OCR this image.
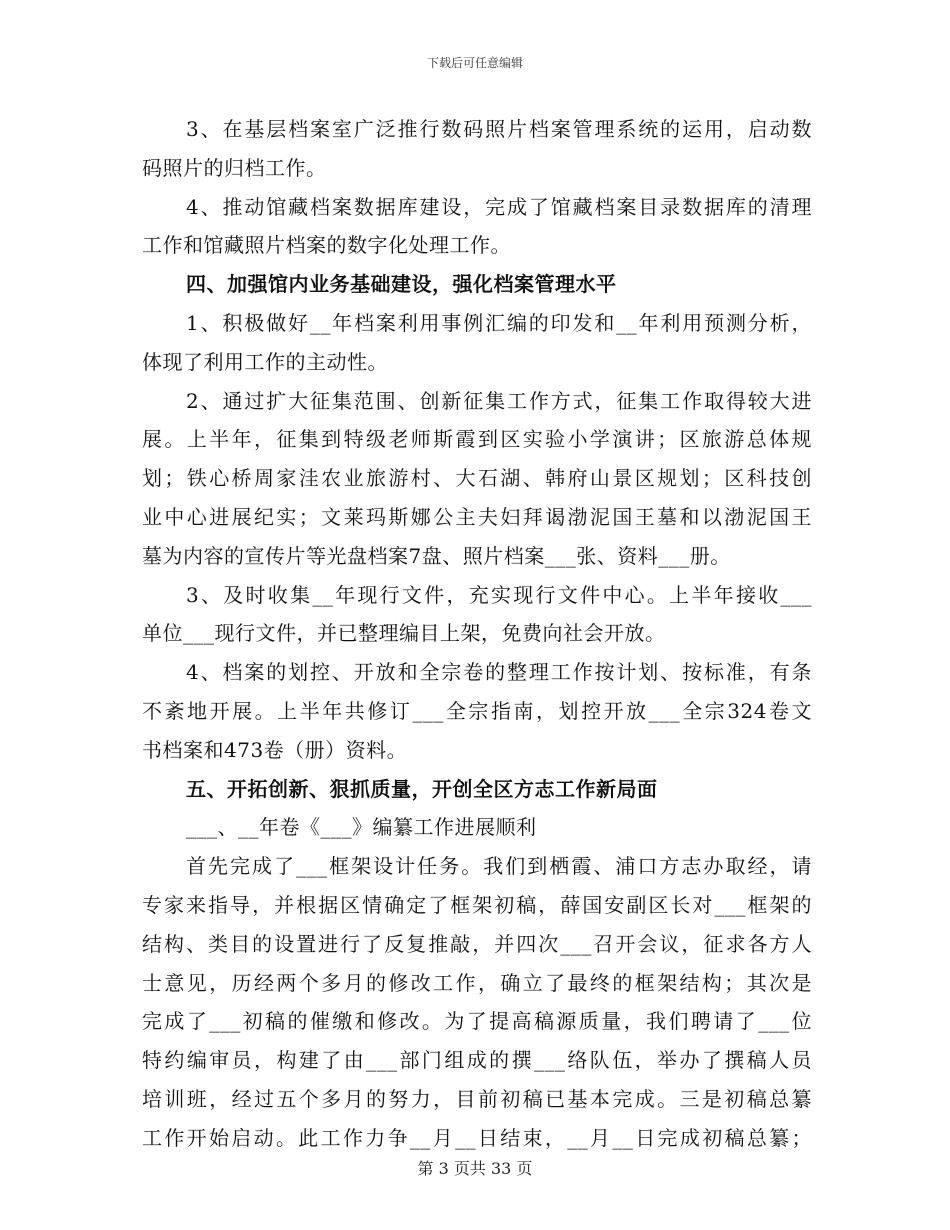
下载后可任意编辑
3、在基层档案室广泛推行数码照片档案管理系统的运用，启动数
码照片的归档工作。
4、推动馆藏档案数据库建设，完成了馆藏档案目录数据库的清理
工作和馆藏照片档案的数字化处理工作。
四、加强馆内业务基础建设，强化档案管理水平
1、积极做好__年档案利用事例汇编的印发和__年利用预测分析，
体现了利用工作的主动性。
2、通过扩大征集范围、创新征集工作方式，征集工作取得较大进
展。上半年，征集到特级老师斯霞到区实验小学演讲；区旅游总体规
划；铁心桥周家洼农业旅游村、大石湖、韩府山景区规划；区科技创
业中心进展纪实；文莱玛斯娜公主夫妇拜谒渤泥国王墓和以渤泥国王
墓为内容的宣传片等光盘档案7盘、照片档案___张、资料___册。
3、及时收集__年现行文件，充实现行文件中心。上半年接收___
单位___现行文件，并已整理编目上架，免费向社会开放。
4、档案的划控、开放和全宗卷的整理工作按计划、按标准，有条
不紊地开展。上半年共修订___全宗指南，划控开放___全宗324卷文
书档案和473卷（册）资料。
五、开拓创新、狠抓质量，开创全区方志工作新局面
___、__年卷《___》编纂工作进展顺利
首先完成了___框架设计任务。我们到栖霞、浦口方志办取经，请
专家来指导，并根据区情确定了框架初稿，薛国安副区长对___框架的
结构、类目的设置进行了反复推敲，并四次___召开会议，征求各方人
士意见，历经两个多月的修改工作，确立了最终的框架结构；其次是
完成了___初稿的催缴和修改。为了提高稿源质量，我们聘请了___位
特约编审员，构建了由___部门组成的撰___络队伍，举办了撰稿人员
培训班，经过五个多月的努力，目前初稿已基本完成。三是初稿总纂
工作开始启动。此工作力争__月__日结束，__月__日完成初稿总纂；
第 3 页共 33 页
